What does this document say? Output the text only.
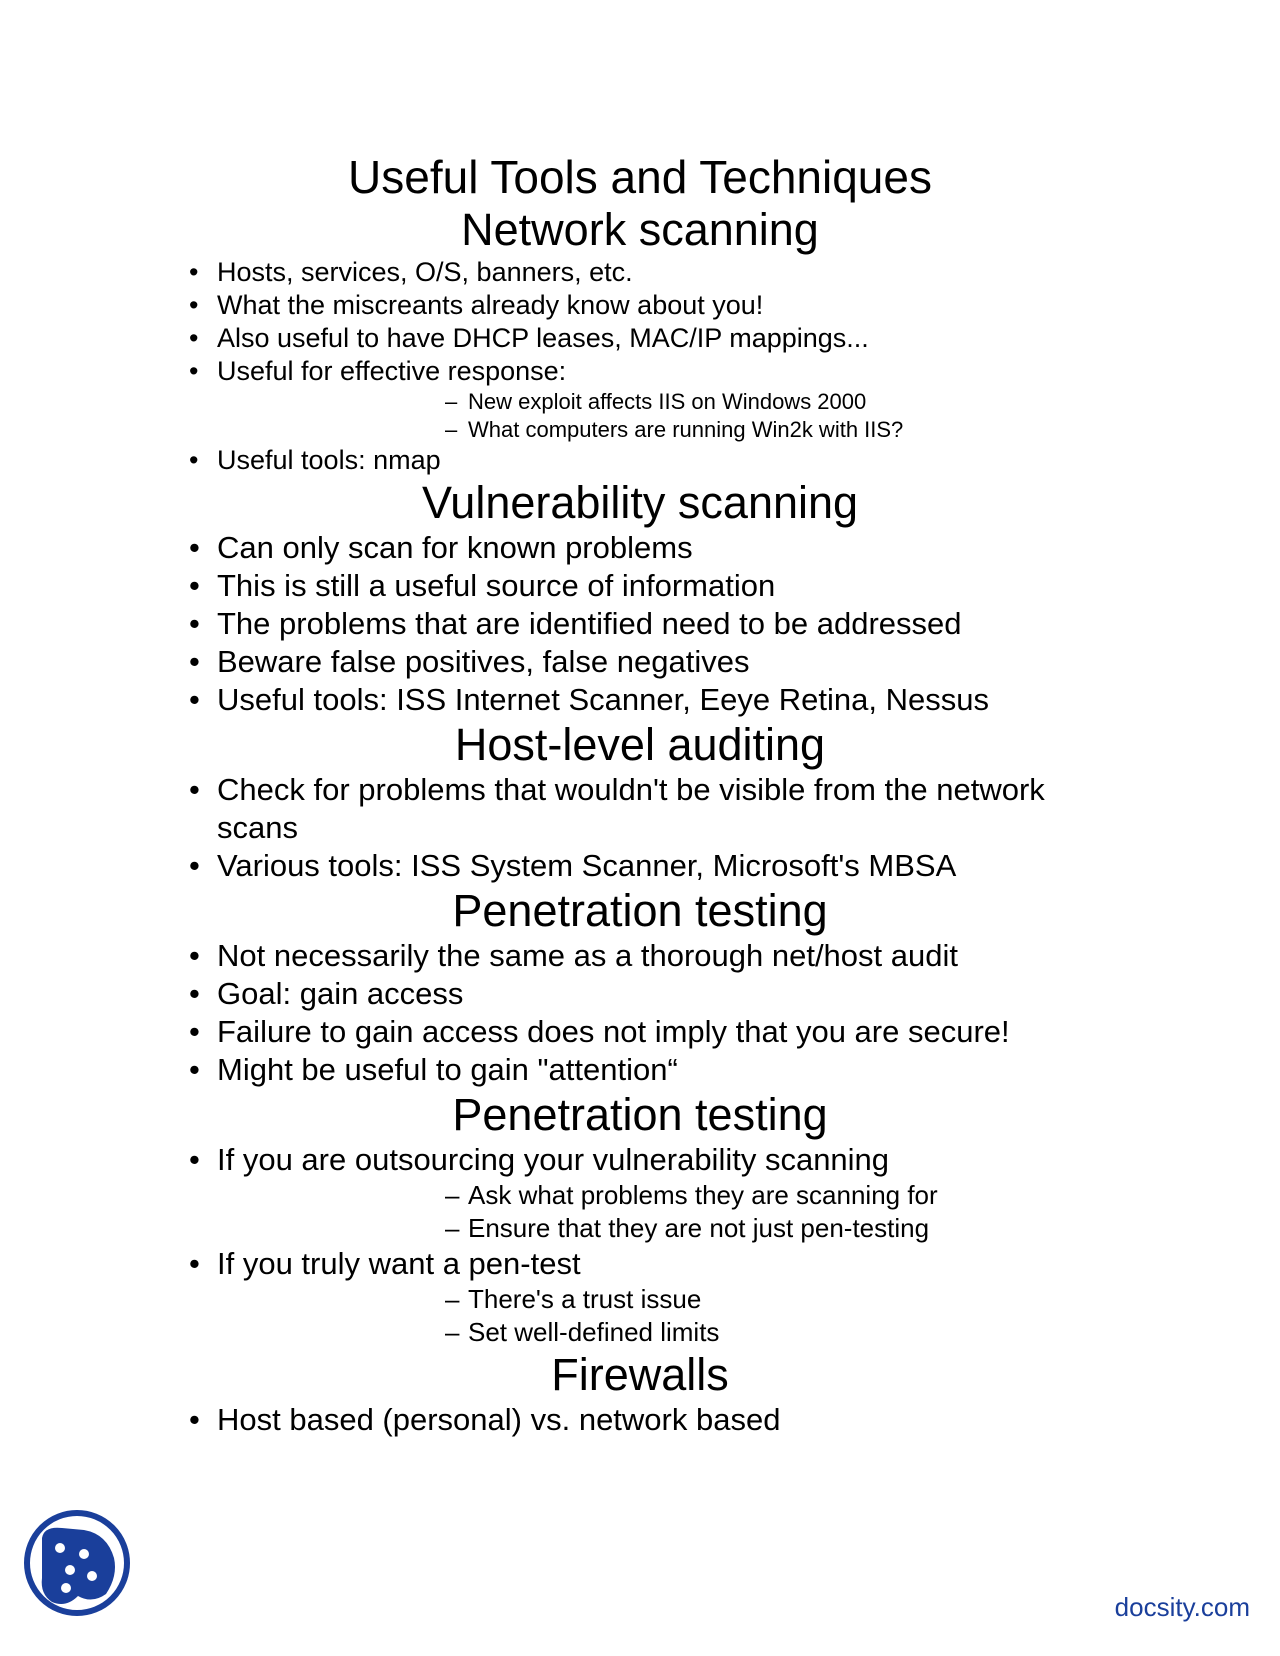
Useful Tools and Techniques
Network scanning
• Hosts, services, O/S, banners, etc.
• What the miscreants already know about you!
• Also useful to have DHCP leases, MAC/IP mappings...
• Useful for effective response:
– New exploit affects IIS on Windows 2000
– What computers are running Win2k with IIS?
• Useful tools: nmap
Vulnerability scanning
• Can only scan for known problems
• This is still a useful source of information
• The problems that are identified need to be addressed
• Beware false positives, false negatives
• Useful tools: ISS Internet Scanner, Eeye Retina, Nessus
Host-level auditing
• Check for problems that wouldn't be visible from the network scans
• Various tools: ISS System Scanner, Microsoft's MBSA
Penetration testing
• Not necessarily the same as a thorough net/host audit
• Goal: gain access
• Failure to gain access does not imply that you are secure!
• Might be useful to gain "attention“
Penetration testing
• If you are outsourcing your vulnerability scanning
– Ask what problems they are scanning for
– Ensure that they are not just pen-testing
• If you truly want a pen-test
– There's a trust issue
– Set well-defined limits
Firewalls
• Host based (personal) vs. network based
docsity.com
